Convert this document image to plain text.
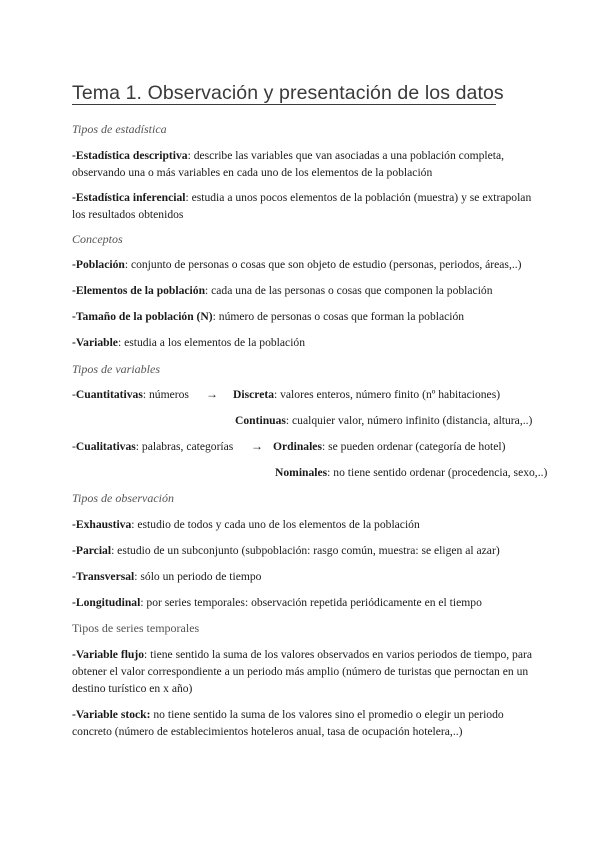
Tema 1. Observación y presentación de los datos

Tipos de estadística

-Estadística descriptiva: describe las variables que van asociadas a una población completa, observando una o más variables en cada uno de los elementos de la población

-Estadística inferencial: estudia a unos pocos elementos de la población (muestra) y se extrapolan los resultados obtenidos

Conceptos

-Población: conjunto de personas o cosas que son objeto de estudio (personas, periodos, áreas,..)

-Elementos de la población: cada una de las personas o cosas que componen la población

-Tamaño de la población (N): número de personas o cosas que forman la población

-Variable: estudia a los elementos de la población

Tipos de variables

-Cuantitativas: números → Discreta: valores enteros, número finito (nº habitaciones)
Continuas: cualquier valor, número infinito (distancia, altura,..)
-Cualitativas: palabras, categorías → Ordinales: se pueden ordenar (categoría de hotel)
Nominales: no tiene sentido ordenar (procedencia, sexo,..)

Tipos de observación

-Exhaustiva: estudio de todos y cada uno de los elementos de la población

-Parcial: estudio de un subconjunto (subpoblación: rasgo común, muestra: se eligen al azar)

-Transversal: sólo un periodo de tiempo

-Longitudinal: por series temporales: observación repetida periódicamente en el tiempo

Tipos de series temporales

-Variable flujo: tiene sentido la suma de los valores observados en varios periodos de tiempo, para obtener el valor correspondiente a un periodo más amplio (número de turistas que pernoctan en un destino turístico en x año)

-Variable stock: no tiene sentido la suma de los valores sino el promedio o elegir un periodo concreto (número de establecimientos hoteleros anual, tasa de ocupación hotelera,..)
